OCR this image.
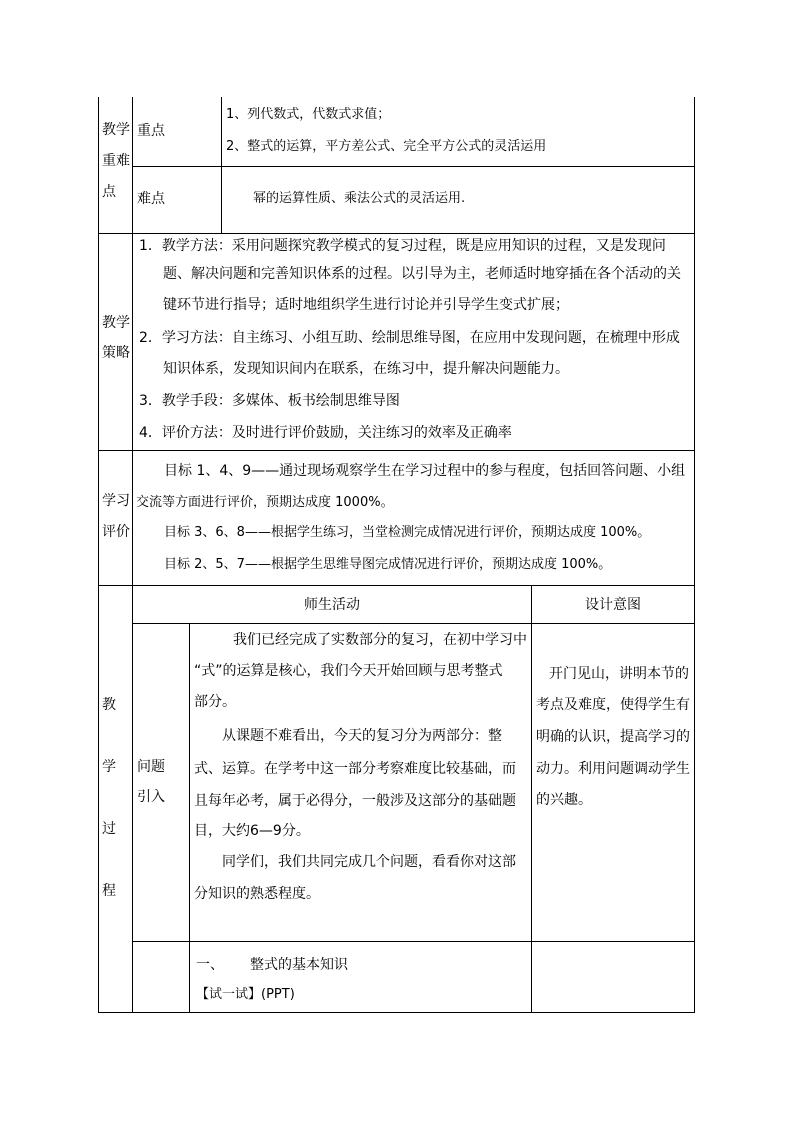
教学
重难
点
重点
1、列代数式，代数式求值；
2、整式的运算，平方差公式、完全平方公式的灵活运用
难点	幂的运算性质、乘法公式的灵活运用.
教学
策略
1．教学方法：采用问题探究教学模式的复习过程，既是应用知识的过程，又是发现问
题、解决问题和完善知识体系的过程。以引导为主，老师适时地穿插在各个活动的关
键环节进行指导；适时地组织学生进行讨论并引导学生变式扩展；
2．学习方法：自主练习、小组互助、绘制思维导图，在应用中发现问题，在梳理中形成
知识体系，发现知识间内在联系，在练习中，提升解决问题能力。
3．教学手段：多媒体、板书绘制思维导图
4．评价方法：及时进行评价鼓励，关注练习的效率及正确率
学习
评价
目标 1、4、9——通过现场观察学生在学习过程中的参与程度，包括回答问题、小组
交流等方面进行评价，预期达成度 1000%。
目标 3、6、8——根据学生练习，当堂检测完成情况进行评价，预期达成度 100%。
目标 2、5、7——根据学生思维导图完成情况进行评价，预期达成度 100%。
教
学
过
程
师生活动	设计意图
问题
引入
我们已经完成了实数部分的复习，在初中学习中
“式”的运算是核心，我们今天开始回顾与思考整式
部分。
从课题不难看出，今天的复习分为两部分：整
式、运算。在学考中这一部分考察难度比较基础，而
且每年必考，属于必得分，一般涉及这部分的基础题
目，大约6—9分。
同学们，我们共同完成几个问题，看看你对这部
分知识的熟悉程度。
开门见山，讲明本节的
考点及难度，使得学生有
明确的认识，提高学习的
动力。利用问题调动学生
的兴趣。
一、 整式的基本知识
【试一试】(PPT)
